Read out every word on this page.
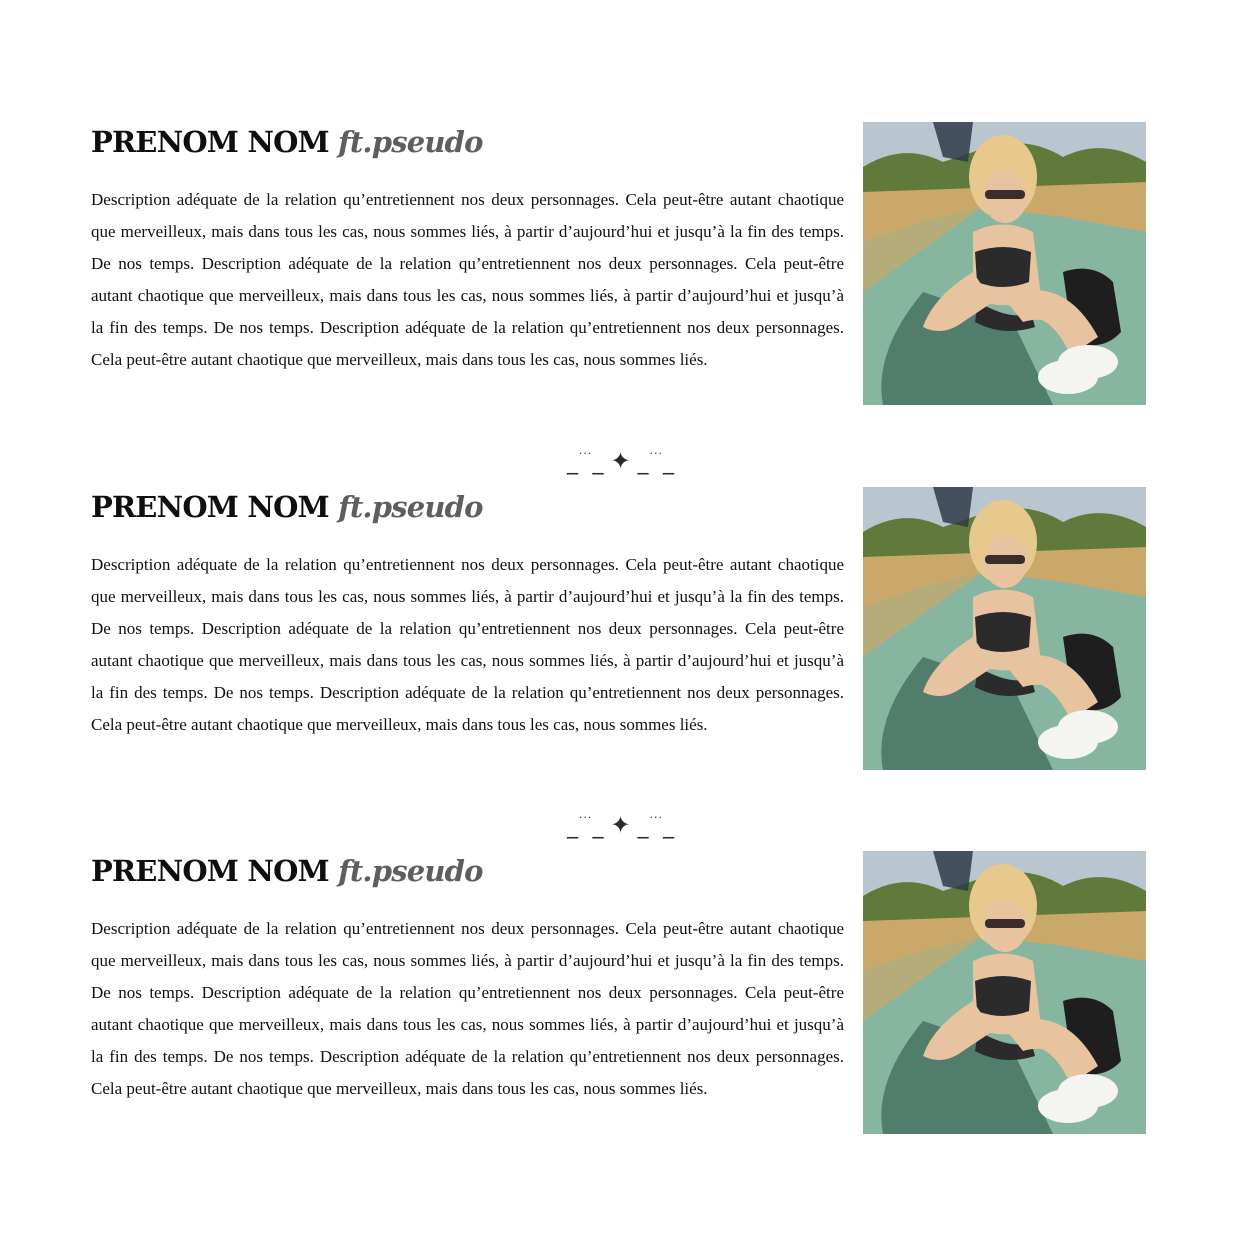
PRENOM NOM ft.pseudo

Description adéquate de la relation qu’entretiennent nos deux personnages. Cela peut-être autant chaotique que merveilleux, mais dans tous les cas, nous sommes liés, à partir d’aujourd’hui et jusqu’à la fin des temps. De nos temps. Description adéquate de la relation qu’entretiennent nos deux personnages. Cela peut-être autant chaotique que merveilleux, mais dans tous les cas, nous sommes liés, à partir d’aujourd’hui et jusqu’à la fin des temps. De nos temps. Description adéquate de la relation qu’entretiennent nos deux personnages. Cela peut-être autant chaotique que merveilleux, mais dans tous les cas, nous sommes liés.

_···_ ✦ _···_
PRENOM NOM ft.pseudo

Description adéquate de la relation qu’entretiennent nos deux personnages. Cela peut-être autant chaotique que merveilleux, mais dans tous les cas, nous sommes liés, à partir d’aujourd’hui et jusqu’à la fin des temps. De nos temps. Description adéquate de la relation qu’entretiennent nos deux personnages. Cela peut-être autant chaotique que merveilleux, mais dans tous les cas, nous sommes liés, à partir d’aujourd’hui et jusqu’à la fin des temps. De nos temps. Description adéquate de la relation qu’entretiennent nos deux personnages. Cela peut-être autant chaotique que merveilleux, mais dans tous les cas, nous sommes liés.

_···_ ✦ _···_
PRENOM NOM ft.pseudo

Description adéquate de la relation qu’entretiennent nos deux personnages. Cela peut-être autant chaotique que merveilleux, mais dans tous les cas, nous sommes liés, à partir d’aujourd’hui et jusqu’à la fin des temps. De nos temps. Description adéquate de la relation qu’entretiennent nos deux personnages. Cela peut-être autant chaotique que merveilleux, mais dans tous les cas, nous sommes liés, à partir d’aujourd’hui et jusqu’à la fin des temps. De nos temps. Description adéquate de la relation qu’entretiennent nos deux personnages. Cela peut-être autant chaotique que merveilleux, mais dans tous les cas, nous sommes liés.
